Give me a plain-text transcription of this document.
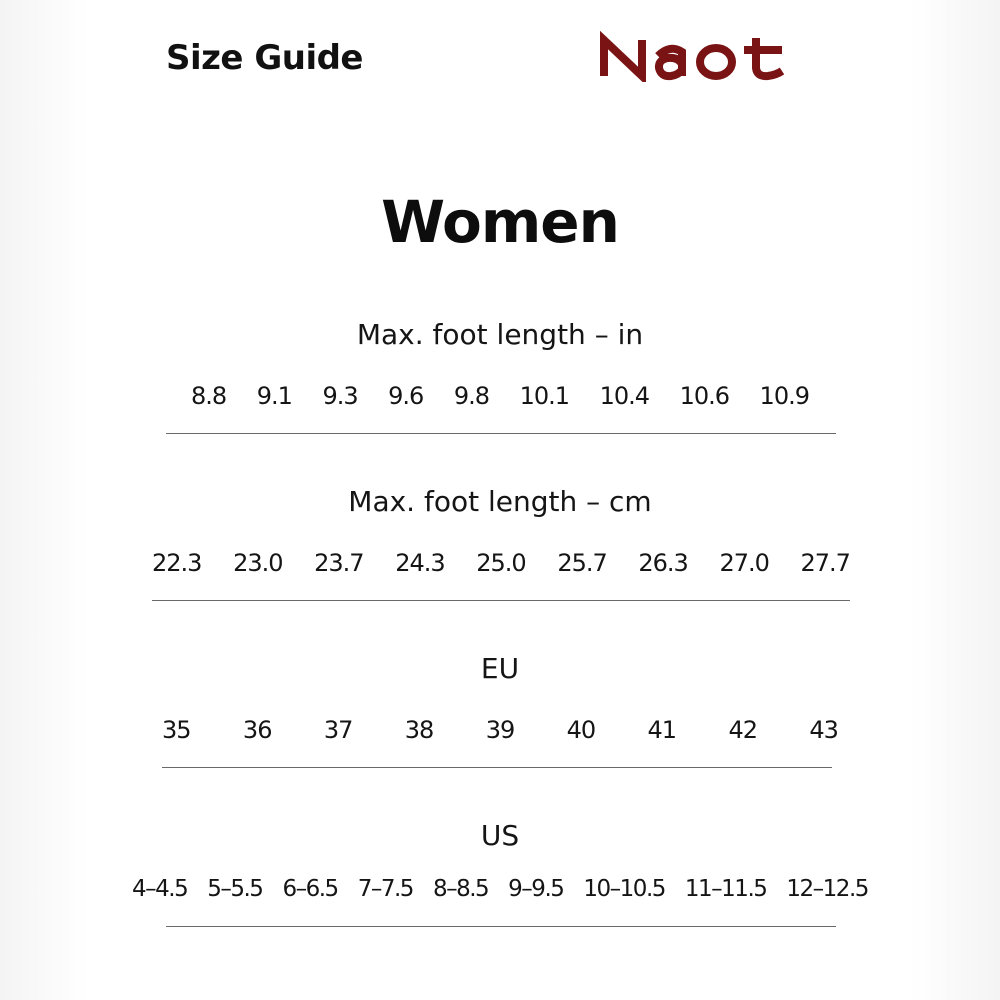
Size Guide
Women
Max. foot length – in
8.8 9.1 9.3 9.6 9.8 10.1 10.4 10.6 10.9
Max. foot length – cm
22.3 23.0 23.7 24.3 25.0 25.7 26.3 27.0 27.7
EU
35 36 37 38 39 40 41 42 43
US
4–4.5 5–5.5 6–6.5 7–7.5 8–8.5 9–9.5 10–10.5 11–11.5 12–12.5
